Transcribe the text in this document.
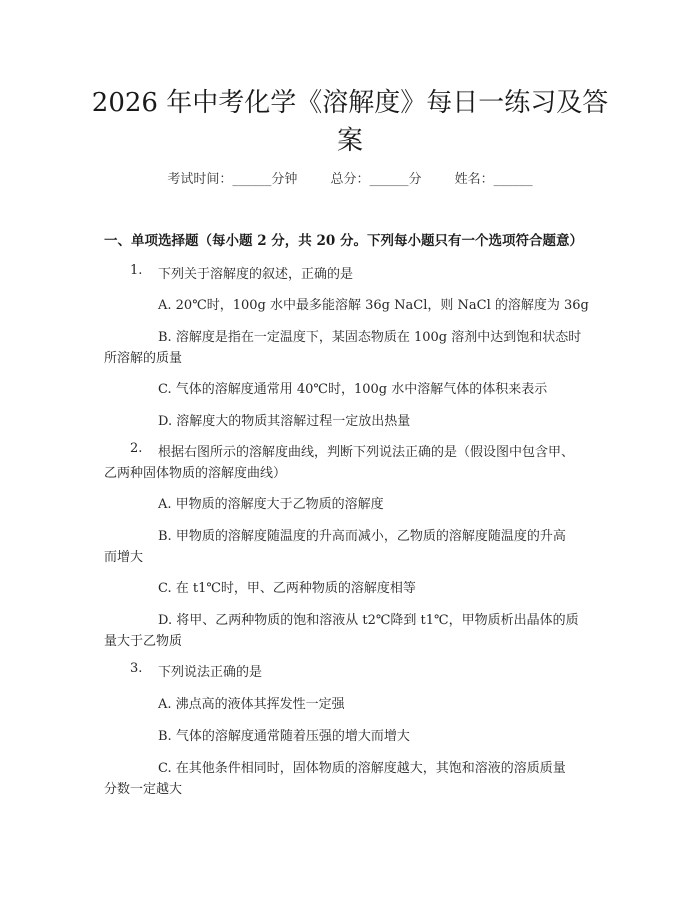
2026 年中考化学《溶解度》每日一练习及答
案
考试时间：______分钟	总分：______分	姓名：______
一、单项选择题（每小题 2 分，共 20 分。下列每小题只有一个选项符合题意）
1. 下列关于溶解度的叙述，正确的是
A. 20℃时，100g 水中最多能溶解 36g NaCl，则 NaCl 的溶解度为 36g
B. 溶解度是指在一定温度下，某固态物质在 100g 溶剂中达到饱和状态时
所溶解的质量
C. 气体的溶解度通常用 40℃时，100g 水中溶解气体的体积来表示
D. 溶解度大的物质其溶解过程一定放出热量
2. 根据右图所示的溶解度曲线，判断下列说法正确的是（假设图中包含甲、
乙两种固体物质的溶解度曲线）
A. 甲物质的溶解度大于乙物质的溶解度
B. 甲物质的溶解度随温度的升高而减小，乙物质的溶解度随温度的升高
而增大
C. 在 t1℃时，甲、乙两种物质的溶解度相等
D. 将甲、乙两种物质的饱和溶液从 t2℃降到 t1℃，甲物质析出晶体的质
量大于乙物质
3. 下列说法正确的是
A. 沸点高的液体其挥发性一定强
B. 气体的溶解度通常随着压强的增大而增大
C. 在其他条件相同时，固体物质的溶解度越大，其饱和溶液的溶质质量
分数一定越大
